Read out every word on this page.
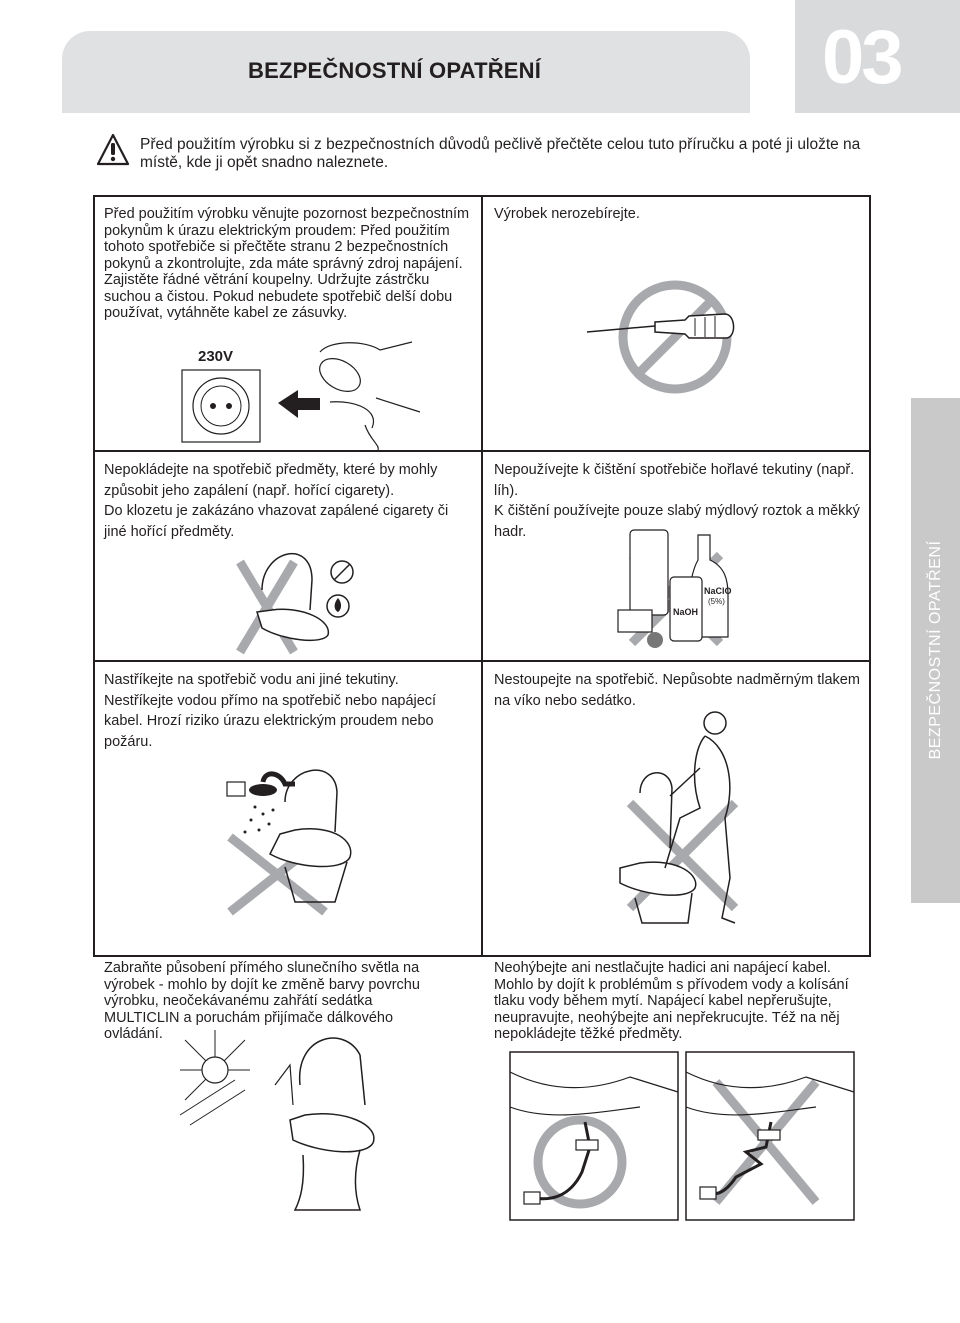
BEZPEČNOSTNÍ OPATŘENÍ	03
Před použitím výrobku si z bezpečnostních důvodů pečlivě přečtěte celou tuto příručku a poté ji uložte na místě, kde ji opět snadno naleznete.
Před použitím výrobku věnujte pozornost bezpečnostním pokynům k úrazu elektrickým proudem: Před použitím tohoto spotřebiče si přečtěte stranu 2 bezpečnostních pokynů a zkontrolujte, zda máte správný zdroj napájení. Zajistěte řádné větrání koupelny. Udržujte zástrčku suchou a čistou. Pokud nebudete spotřebič delší dobu používat, vytáhněte kabel ze zásuvky.
230V
Výrobek nerozebírejte.
Nepokládejte na spotřebič předměty, které by mohly způsobit jeho zapálení (např. hořící cigarety).
Do klozetu je zakázáno vhazovat zapálené cigarety či jiné hořící předměty.
Nepoužívejte k čištění spotřebiče hořlavé tekutiny (např. líh).
K čištění používejte pouze slabý mýdlový roztok a měkký hadr.
NaClO
(5%)
NaOH
Nastříkejte na spotřebič vodu ani jiné tekutiny. Nestříkejte vodou přímo na spotřebič nebo napájecí kabel. Hrozí riziko úrazu elektrickým proudem nebo požáru.
Nestoupejte na spotřebič. Nepůsobte nadměrným tlakem na víko nebo sedátko.
Zabraňte působení přímého slunečního světla na výrobek - mohlo by dojít ke změně barvy povrchu výrobku, neočekávanému zahřátí sedátka MULTICLIN a poruchám přijímače dálkového ovládání.
Neohýbejte ani nestlačujte hadici ani napájecí kabel. Mohlo by dojít k problémům s přívodem vody a kolísání tlaku vody během mytí. Napájecí kabel nepřerušujte, neupravujte, neohýbejte ani nepřekrucujte. Též na něj nepokládejte těžké předměty.
BEZPEČNOSTNÍ OPATŘENÍ
